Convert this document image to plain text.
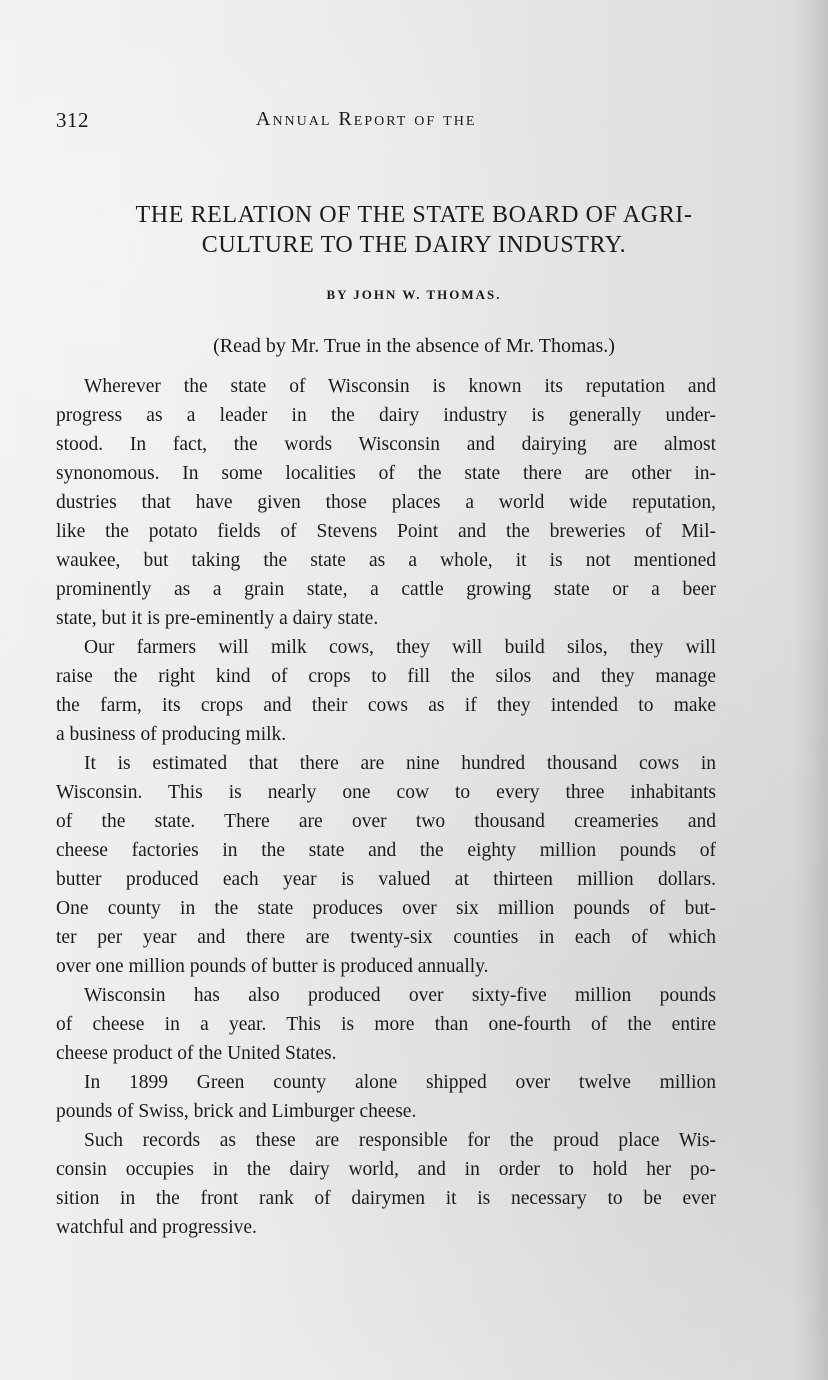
312	Annual Report of the
THE RELATION OF THE STATE BOARD OF AGRI-
CULTURE TO THE DAIRY INDUSTRY.
BY JOHN W. THOMAS.
(Read by Mr. True in the absence of Mr. Thomas.)
Wherever the state of Wisconsin is known its reputation and
progress as a leader in the dairy industry is generally under-
stood. In fact, the words Wisconsin and dairying are almost
synonomous. In some localities of the state there are other in-
dustries that have given those places a world wide reputation,
like the potato fields of Stevens Point and the breweries of Mil-
waukee, but taking the state as a whole, it is not mentioned
prominently as a grain state, a cattle growing state or a beer
state, but it is pre-eminently a dairy state.
Our farmers will milk cows, they will build silos, they will
raise the right kind of crops to fill the silos and they manage
the farm, its crops and their cows as if they intended to make
a business of producing milk.
It is estimated that there are nine hundred thousand cows in
Wisconsin. This is nearly one cow to every three inhabitants
of the state. There are over two thousand creameries and
cheese factories in the state and the eighty million pounds of
butter produced each year is valued at thirteen million dollars.
One county in the state produces over six million pounds of but-
ter per year and there are twenty-six counties in each of which
over one million pounds of butter is produced annually.
Wisconsin has also produced over sixty-five million pounds
of cheese in a year. This is more than one-fourth of the entire
cheese product of the United States.
In 1899 Green county alone shipped over twelve million
pounds of Swiss, brick and Limburger cheese.
Such records as these are responsible for the proud place Wis-
consin occupies in the dairy world, and in order to hold her po-
sition in the front rank of dairymen it is necessary to be ever
watchful and progressive.
